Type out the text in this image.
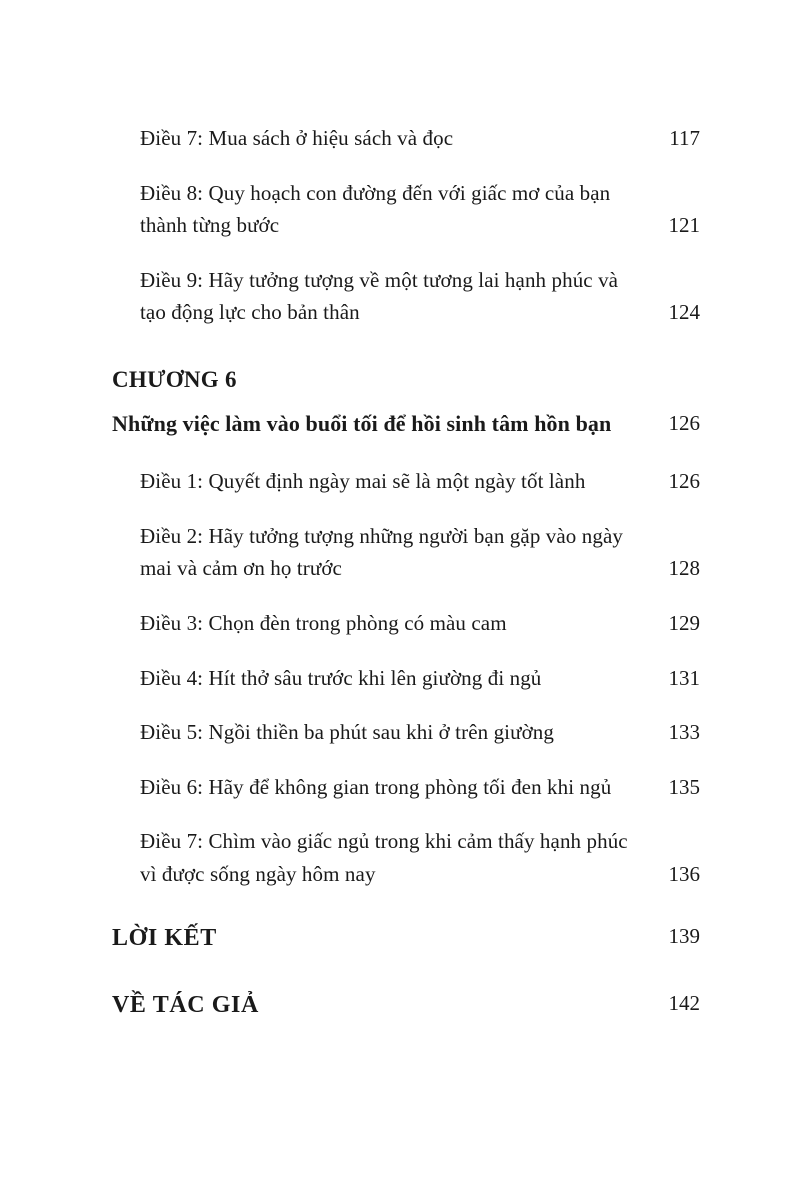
Điều 7: Mua sách ở hiệu sách và đọc	117
Điều 8: Quy hoạch con đường đến với giấc mơ của bạn thành từng bước	121
Điều 9: Hãy tưởng tượng về một tương lai hạnh phúc và tạo động lực cho bản thân	124
CHƯƠNG 6
Những việc làm vào buổi tối để hồi sinh tâm hồn bạn	126
Điều 1: Quyết định ngày mai sẽ là một ngày tốt lành	126
Điều 2: Hãy tưởng tượng những người bạn gặp vào ngày mai và cảm ơn họ trước	128
Điều 3: Chọn đèn trong phòng có màu cam	129
Điều 4: Hít thở sâu trước khi lên giường đi ngủ	131
Điều 5: Ngồi thiền ba phút sau khi ở trên giường	133
Điều 6: Hãy để không gian trong phòng tối đen khi ngủ	135
Điều 7: Chìm vào giấc ngủ trong khi cảm thấy hạnh phúc vì được sống ngày hôm nay	136
LỜI KẾT	139
VỀ TÁC GIẢ	142
